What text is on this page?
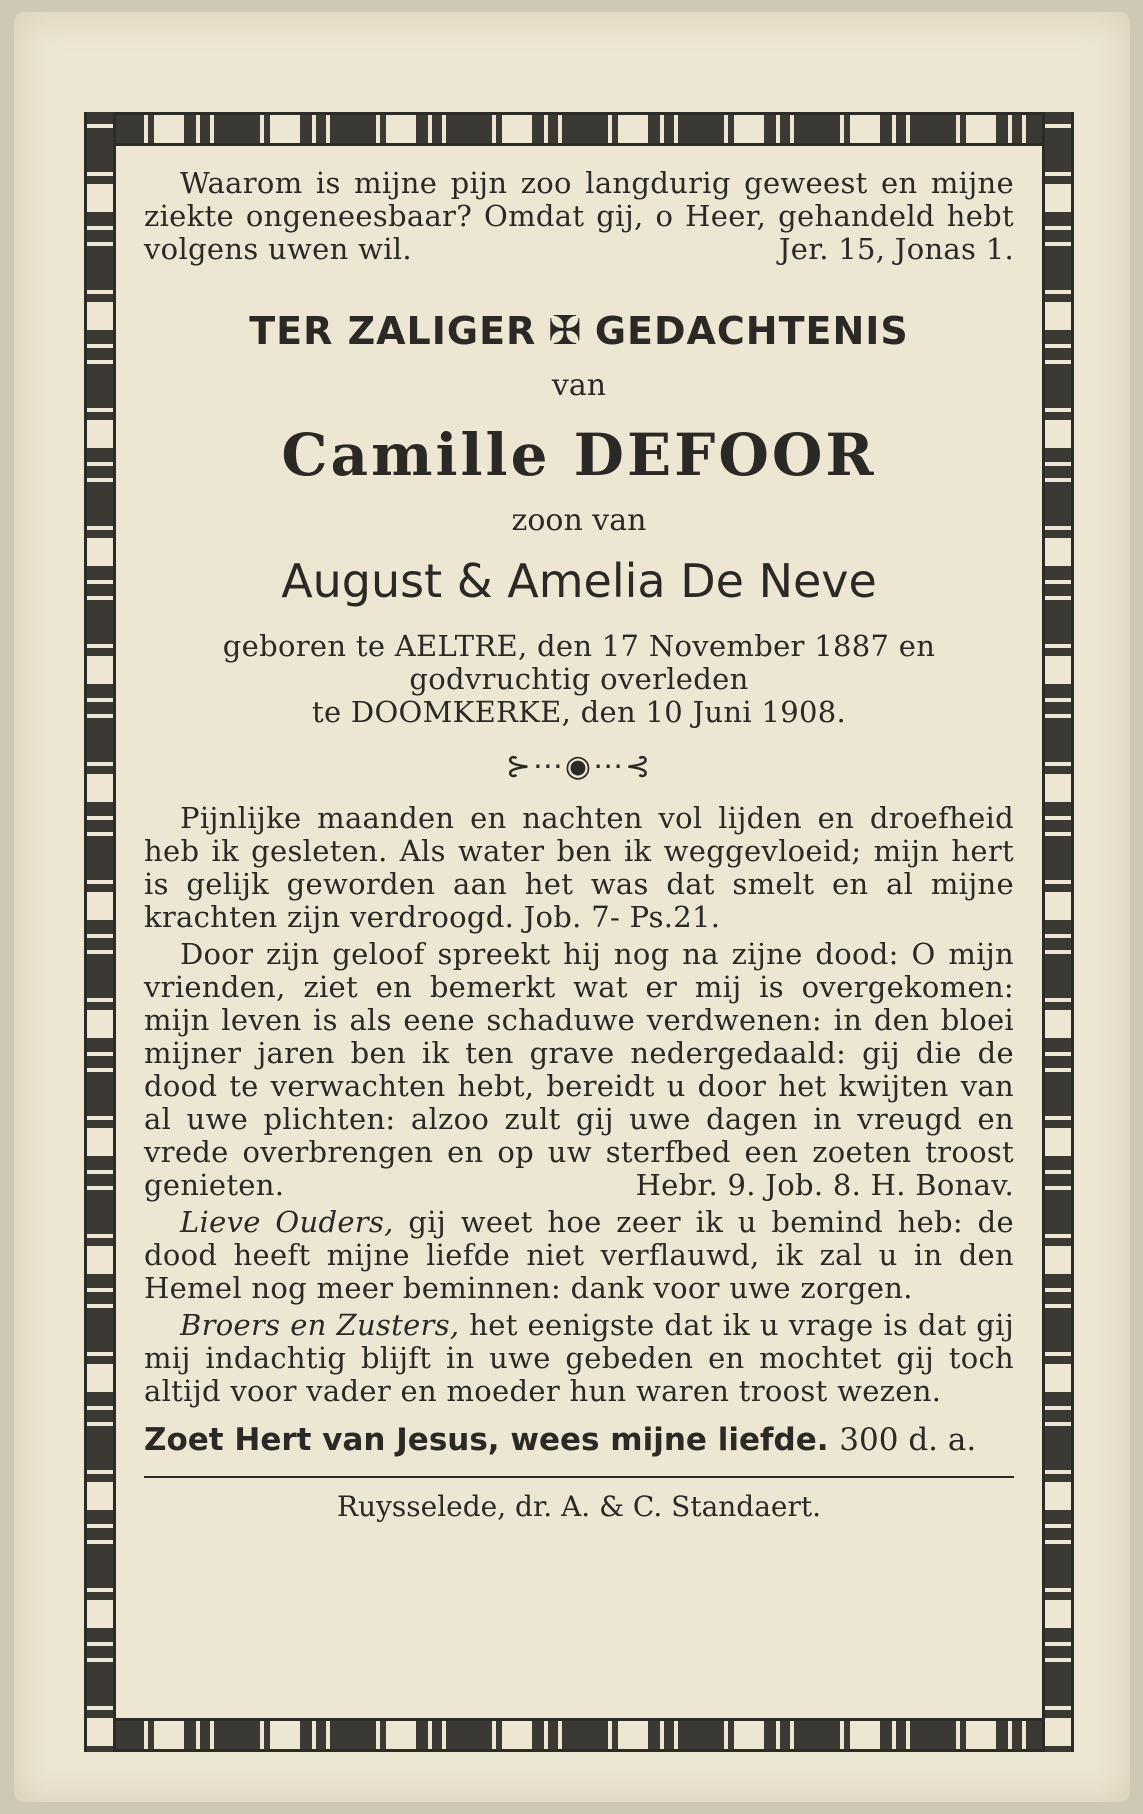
Waarom is mijne pijn zoo langdurig geweest en mijne ziekte ongeneesbaar? Omdat gij, o Heer, gehandeld hebt volgens uwen wil.	Jer. 15, Jonas 1.

TER ZALIGER ✠ GEDACHTENIS
van
Camille DEFOOR
zoon van
August & Amelia De Neve

geboren te AELTRE, den 17 November 1887 en godvruchtig overleden

te DOOMKERKE, den 10 Juni 1908.

⊱⋯◉⋯⊰

Pijnlijke maanden en nachten vol lijden en droefheid heb ik gesleten. Als water ben ik weggevloeid; mijn hert is gelijk geworden aan het was dat smelt en al mijne krachten zijn verdroogd. Job. 7- Ps.21.

Door zijn geloof spreekt hij nog na zijne dood: O mijn vrienden, ziet en bemerkt wat er mij is overgekomen: mijn leven is als eene schaduwe verdwenen: in den bloei mijner jaren ben ik ten grave nedergedaald: gij die de dood te verwachten hebt, bereidt u door het kwijten van al uwe plichten: alzoo zult gij uwe dagen in vreugd en vrede overbrengen en op uw sterfbed een zoeten troost genieten.	Hebr. 9. Job. 8. H. Bonav.

Lieve Ouders, gij weet hoe zeer ik u bemind heb: de dood heeft mijne liefde niet verflauwd, ik zal u in den Hemel nog meer beminnen: dank voor uwe zorgen.

Broers en Zusters, het eenigste dat ik u vrage is dat gij mij indachtig blijft in uwe gebeden en mochtet gij toch altijd voor vader en moeder hun waren troost wezen.

Zoet Hert van Jesus, wees mijne liefde. 300 d. a.
Ruysselede, dr. A. & C. Standaert.
